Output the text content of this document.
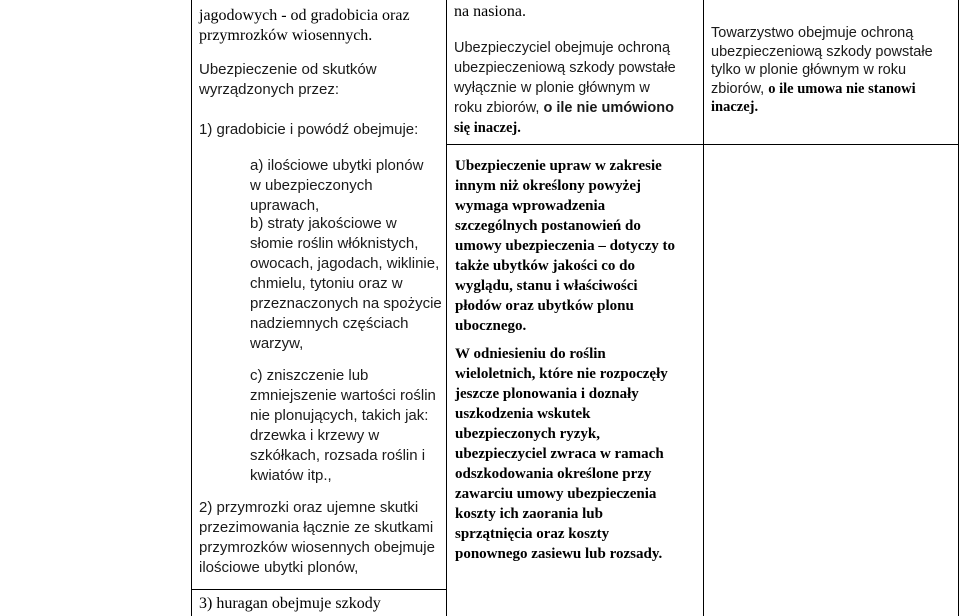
jagodowych - od gradobicia oraz
przymrozków wiosennych.
Ubezpieczenie od skutków
wyrządzonych przez:
1) gradobicie i powódź obejmuje:
a) ilościowe ubytki plonów
w ubezpieczonych uprawach,
b) straty jakościowe w
słomie roślin włóknistych,
owocach, jagodach, wiklinie,
chmielu, tytoniu oraz w
przeznaczonych na spożycie
nadziemnych częściach
warzyw,
c) zniszczenie lub
zmniejszenie wartości roślin
nie plonujących, takich jak:
drzewka i krzewy w
szkółkach, rozsada roślin i
kwiatów itp.,
2) przymrozki oraz ujemne skutki
przezimowania łącznie ze skutkami
przymrozków wiosennych obejmuje
ilościowe ubytki plonów,
3) huragan obejmuje szkody
na nasiona.
Ubezpieczyciel obejmuje ochroną
ubezpieczeniową szkody powstałe
wyłącznie w plonie głównym w
roku zbiorów, o ile nie umówiono
się inaczej.
Ubezpieczenie upraw w zakresie
innym niż określony powyżej
wymaga wprowadzenia
szczególnych postanowień do
umowy ubezpieczenia – dotyczy to
także ubytków jakości co do
wyglądu, stanu i właściwości
płodów oraz ubytków plonu
ubocznego.
W odniesieniu do roślin
wieloletnich, które nie rozpoczęły
jeszcze plonowania i doznały
uszkodzenia wskutek
ubezpieczonych ryzyk,
ubezpieczyciel zwraca w ramach
odszkodowania określone przy
zawarciu umowy ubezpieczenia
koszty ich zaorania lub
sprzątnięcia oraz koszty
ponownego zasiewu lub rozsady.
Towarzystwo obejmuje ochroną
ubezpieczeniową szkody powstałe
tylko w plonie głównym w roku
zbiorów, o ile umowa nie stanowi
inaczej.
